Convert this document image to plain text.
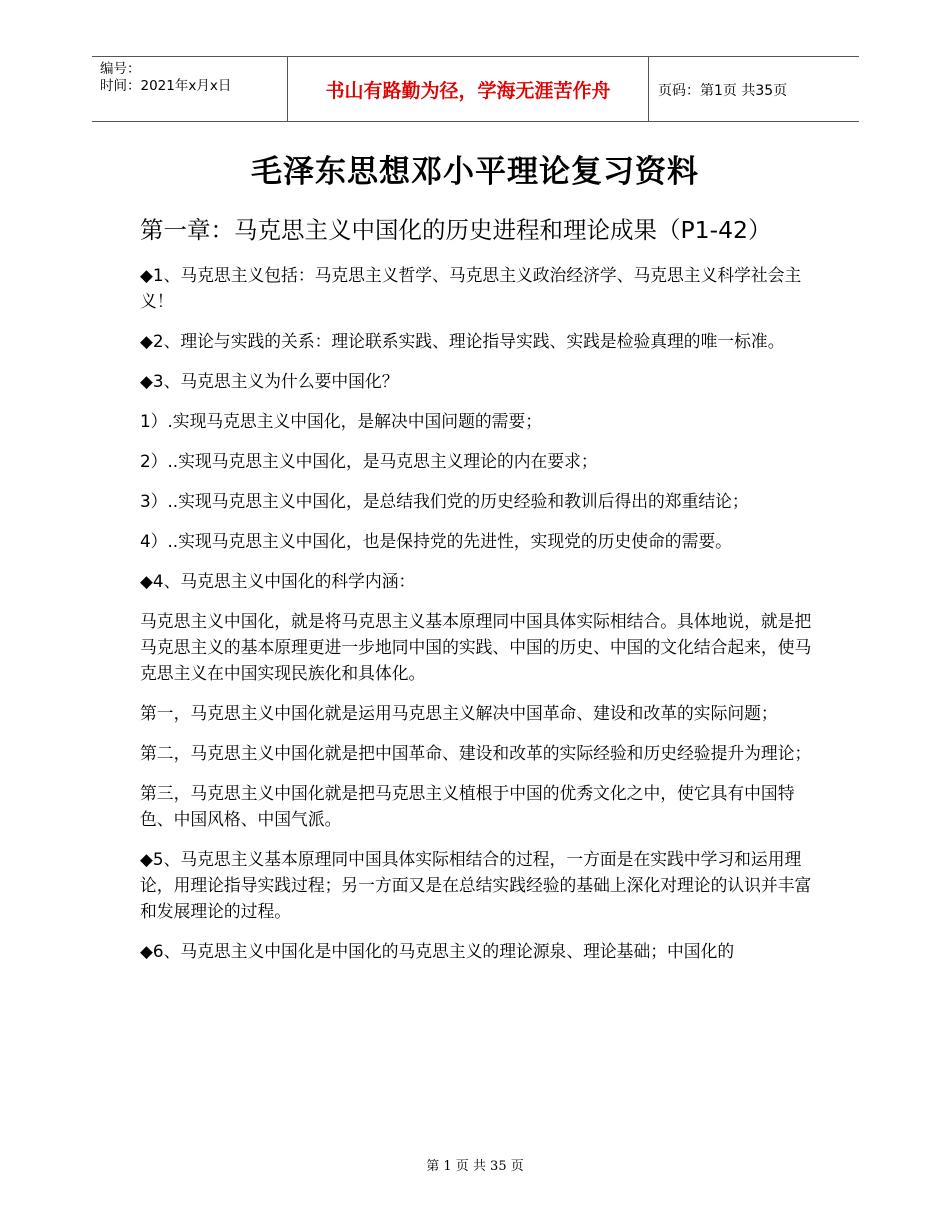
编号：
时间：2021年x月x日	书山有路勤为径，学海无涯苦作舟	页码：第1页 共35页
毛泽东思想邓小平理论复习资料
第一章：马克思主义中国化的历史进程和理论成果（P1-42）

◆1、马克思主义包括：马克思主义哲学、马克思主义政治经济学、马克思主义科学社会主义！

◆2、理论与实践的关系：理论联系实践、理论指导实践、实践是检验真理的唯一标准。

◆3、马克思主义为什么要中国化？

1）.实现马克思主义中国化，是解决中国问题的需要；

2）..实现马克思主义中国化，是马克思主义理论的内在要求；

3）..实现马克思主义中国化，是总结我们党的历史经验和教训后得出的郑重结论；

4）..实现马克思主义中国化，也是保持党的先进性，实现党的历史使命的需要。

◆4、马克思主义中国化的科学内涵：

马克思主义中国化，就是将马克思主义基本原理同中国具体实际相结合。具体地说，就是把马克思主义的基本原理更进一步地同中国的实践、中国的历史、中国的文化结合起来，使马克思主义在中国实现民族化和具体化。

第一，马克思主义中国化就是运用马克思主义解决中国革命、建设和改革的实际问题；

第二，马克思主义中国化就是把中国革命、建设和改革的实际经验和历史经验提升为理论；

第三，马克思主义中国化就是把马克思主义植根于中国的优秀文化之中，使它具有中国特色、中国风格、中国气派。

◆5、马克思主义基本原理同中国具体实际相结合的过程，一方面是在实践中学习和运用理论，用理论指导实践过程；另一方面又是在总结实践经验的基础上深化对理论的认识并丰富和发展理论的过程。

◆6、马克思主义中国化是中国化的马克思主义的理论源泉、理论基础；中国化的

第 1 页 共 35 页
